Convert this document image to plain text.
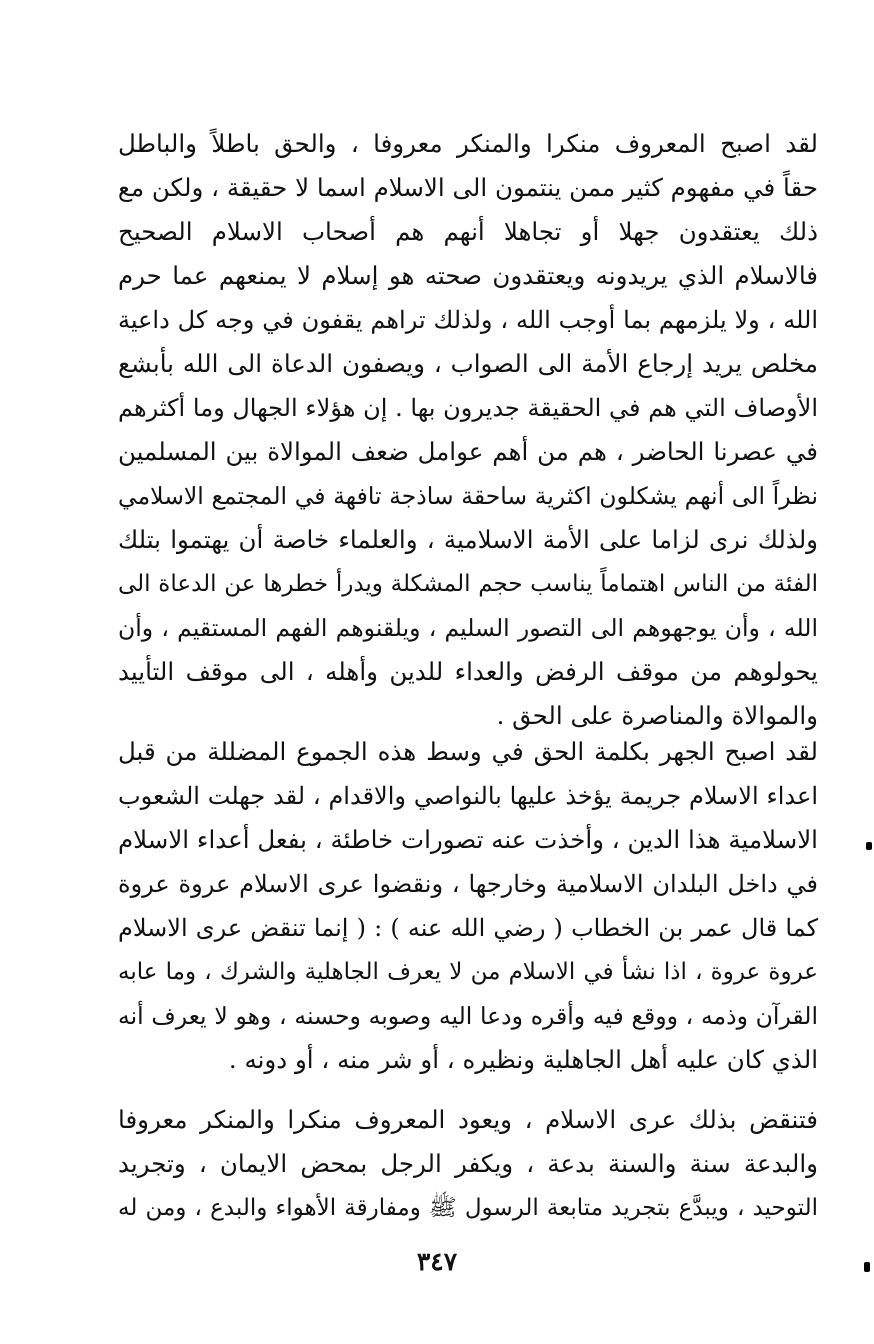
لقد اصبح المعروف منكرا والمنكر معروفا ، والحق باطلاً والباطل
حقاً في مفهوم كثير ممن ينتمون الى الاسلام اسما لا حقيقة ، ولكن مع
ذلك يعتقدون جهلا أو تجاهلا أنهم هم أصحاب الاسلام الصحيح
فالاسلام الذي يريدونه ويعتقدون صحته هو إسلام لا يمنعهم عما حرم
الله ، ولا يلزمهم بما أوجب الله ، ولذلك تراهم يقفون في وجه كل داعية
مخلص يريد إرجاع الأمة الى الصواب ، ويصفون الدعاة الى الله بأبشع
الأوصاف التي هم في الحقيقة جديرون بها . إن هؤلاء الجهال وما أكثرهم
في عصرنا الحاضر ، هم من أهم عوامل ضعف الموالاة بين المسلمين
نظراً الى أنهم يشكلون اكثرية ساحقة ساذجة تافهة في المجتمع الاسلامي
ولذلك نرى لزاما على الأمة الاسلامية ، والعلماء خاصة أن يهتموا بتلك
الفئة من الناس اهتماماً يناسب حجم المشكلة ويدرأ خطرها عن الدعاة الى
الله ، وأن يوجهوهم الى التصور السليم ، ويلقنوهم الفهم المستقيم ، وأن
يحولوهم من موقف الرفض والعداء للدين وأهله ، الى موقف التأييد
والموالاة والمناصرة على الحق .
لقد اصبح الجهر بكلمة الحق في وسط هذه الجموع المضللة من قبل
اعداء الاسلام جريمة يؤخذ عليها بالنواصي والاقدام ، لقد جهلت الشعوب
الاسلامية هذا الدين ، وأخذت عنه تصورات خاطئة ، بفعل أعداء الاسلام
في داخل البلدان الاسلامية وخارجها ، ونقضوا عرى الاسلام عروة عروة
كما قال عمر بن الخطاب ( رضي الله عنه ) : ( إنما تنقض عرى الاسلام
عروة عروة ، اذا نشأ في الاسلام من لا يعرف الجاهلية والشرك ، وما عابه
القرآن وذمه ، ووقع فيه وأقره ودعا اليه وصوبه وحسنه ، وهو لا يعرف أنه
الذي كان عليه أهل الجاهلية ونظيره ، أو شر منه ، أو دونه .
فتنقض بذلك عرى الاسلام ، ويعود المعروف منكرا والمنكر معروفا
والبدعة سنة والسنة بدعة ، ويكفر الرجل بمحض الايمان ، وتجريد
التوحيد ، ويبدَّع بتجريد متابعة الرسول ﷺ ومفارقة الأهواء والبدع ، ومن له
٣٤٧
